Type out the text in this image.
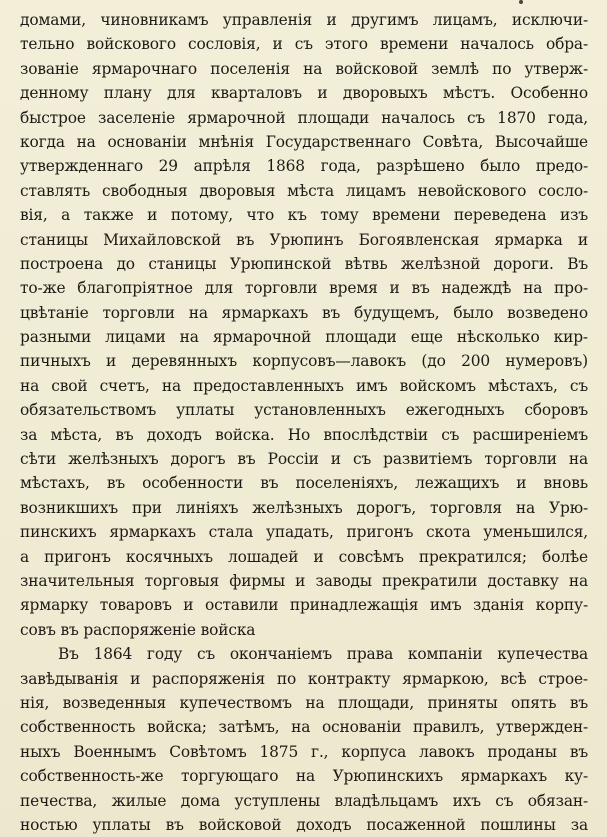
домами, чиновникамъ управленія и другимъ лицамъ, исключи-
тельно войскового сословія, и съ этого времени началось обра-
зованіе ярмарочнаго поселенія на войсковой землѣ по утверж-
денному плану для кварталовъ и дворовыхъ мѣстъ. Особенно
быстрое заселеніе ярмарочной площади началось съ 1870 года,
когда на основаніи мнѣнія Государственнаго Совѣта, Высочайше
утвержденнаго 29 апрѣля 1868 года, разрѣшено было предо-
ставлять свободныя дворовыя мѣста лицамъ невойскового сосло-
вія, а также и потому, что къ тому времени переведена изъ
станицы Михайловской въ Урюпинъ Богоявленская ярмарка и
построена до станицы Урюпинской вѣтвь желѣзной дороги. Въ
то-же благопріятное для торговли время и въ надеждѣ на про-
цвѣтаніе торговли на ярмаркахъ въ будущемъ, было возведено
разными лицами на ярмарочной площади еще нѣсколько кир-
пичныхъ и деревянныхъ корпусовъ—лавокъ (до 200 нумеровъ)
на свой счетъ, на предоставленныхъ имъ войскомъ мѣстахъ, съ
обязательствомъ уплаты установленныхъ ежегодныхъ сборовъ
за мѣста, въ доходъ войска. Но впослѣдствіи съ расширеніемъ
сѣти желѣзныхъ дорогъ въ Россіи и съ развитіемъ торговли на
мѣстахъ, въ особенности въ поселеніяхъ, лежащихъ и вновь
возникшихъ при линіяхъ желѣзныхъ дорогъ, торговля на Урю-
пинскихъ ярмаркахъ стала упадать, пригонъ скота уменьшился,
а пригонъ косячныхъ лошадей и совсѣмъ прекратился; болѣе
значительныя торговыя фирмы и заводы прекратили доставку на
ярмарку товаровъ и оставили принадлежащія имъ зданія корпу-
совъ въ распоряженіе войска
Въ 1864 году съ окончаніемъ права компаніи купечества
завѣдыванія и распоряженія по контракту ярмаркою, всѣ строе-
нія, возведенныя купечествомъ на площади, приняты опять въ
собственность войска; затѣмъ, на основаніи правилъ, утвержден-
ныхъ Военнымъ Совѣтомъ 1875 г., корпуса лавокъ проданы въ
собственность-же торгующаго на Урюпинскихъ ярмаркахъ ку-
печества, жилые дома уступлены владѣльцамъ ихъ съ обязан-
ностью уплаты въ войсковой доходъ посаженной пошлины за
